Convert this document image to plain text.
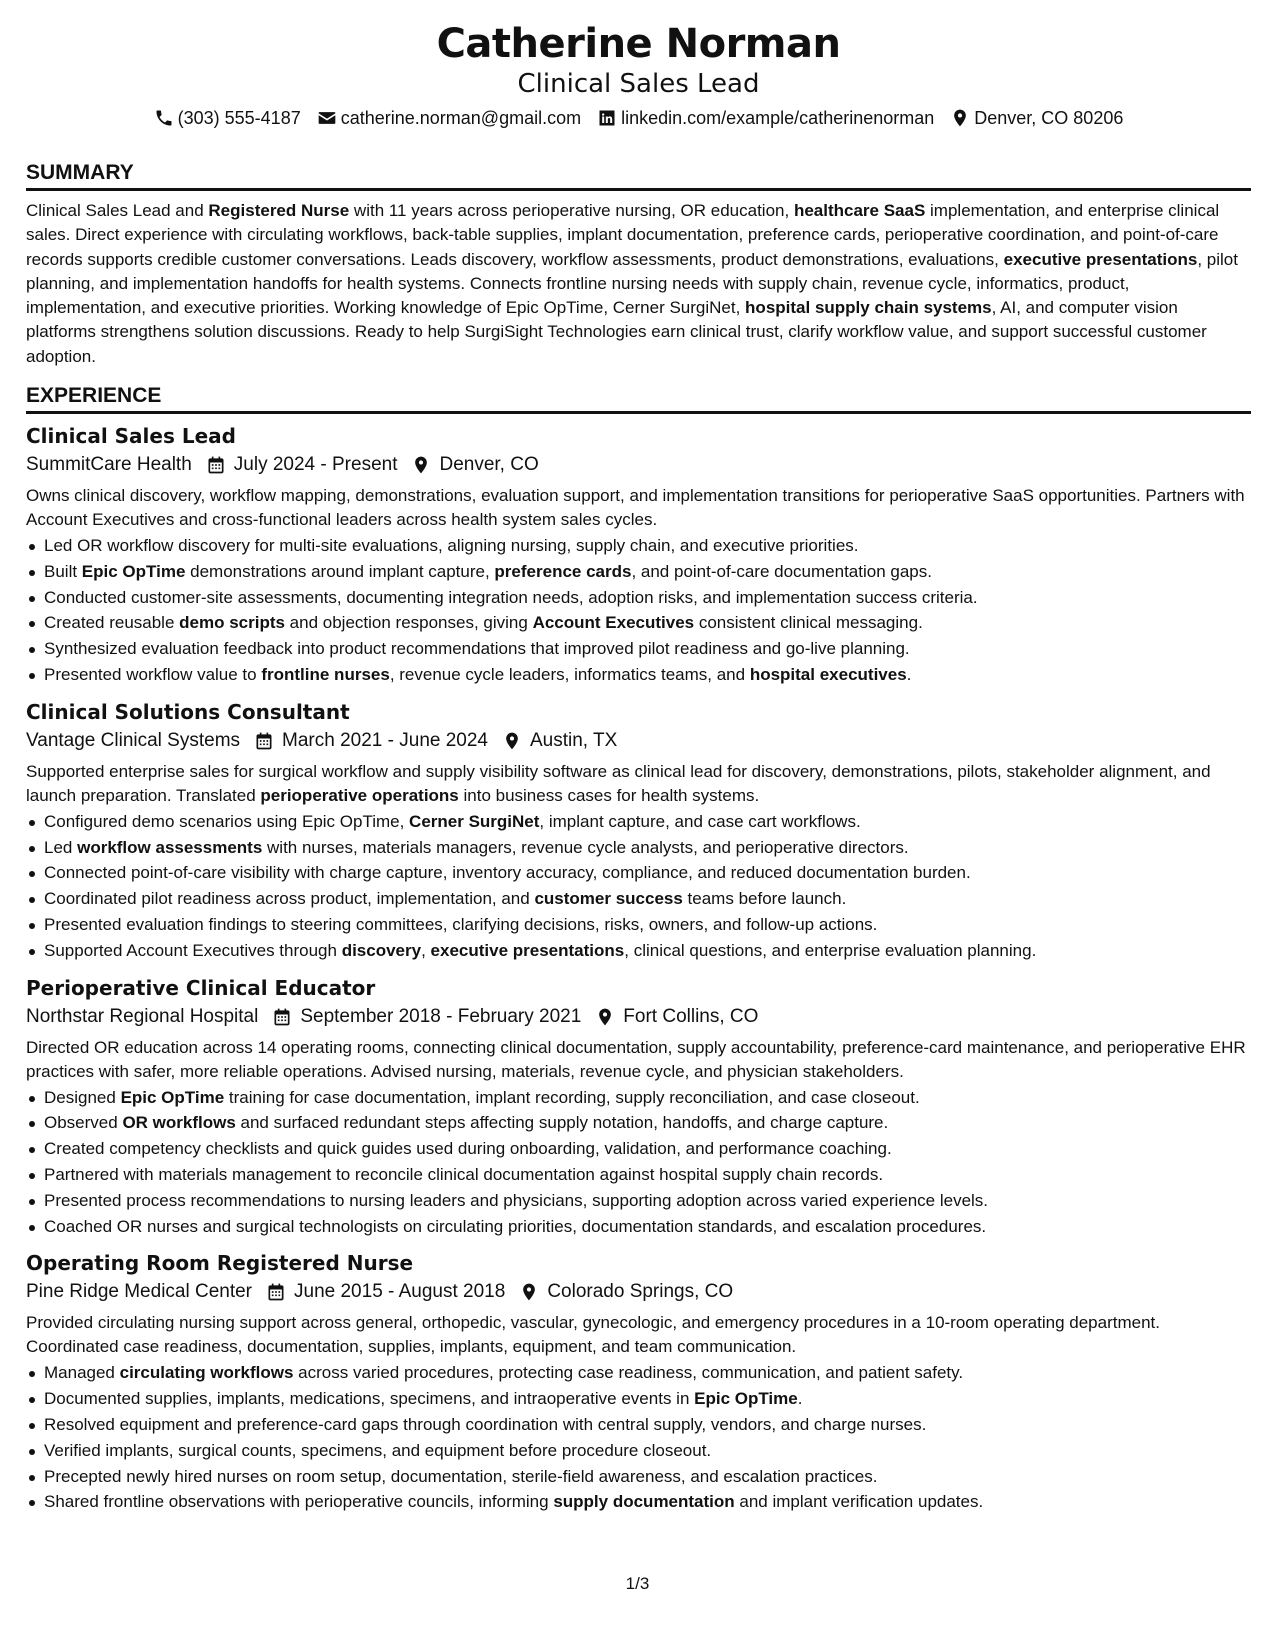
Catherine Norman
Clinical Sales Lead
(303) 555-4187 catherine.norman@gmail.com linkedin.com/example/catherinenorman Denver, CO 80206
SUMMARY

Clinical Sales Lead and Registered Nurse with 11 years across perioperative nursing, OR education, healthcare SaaS implementation, and enterprise clinical sales. Direct experience with circulating workflows, back-table supplies, implant documentation, preference cards, perioperative coordination, and point-of-care records supports credible customer conversations. Leads discovery, workflow assessments, product demonstrations, evaluations, executive presentations, pilot planning, and implementation handoffs for health systems. Connects frontline nursing needs with supply chain, revenue cycle, informatics, product, implementation, and executive priorities. Working knowledge of Epic OpTime, Cerner SurgiNet, hospital supply chain systems, AI, and computer vision platforms strengthens solution discussions. Ready to help SurgiSight Technologies earn clinical trust, clarify workflow value, and support successful customer adoption.

EXPERIENCE
Clinical Sales Lead
SummitCare Health July 2024 - Present Denver, CO

Owns clinical discovery, workflow mapping, demonstrations, evaluation support, and implementation transitions for perioperative SaaS opportunities. Partners with Account Executives and cross-functional leaders across health system sales cycles.

Led OR workflow discovery for multi-site evaluations, aligning nursing, supply chain, and executive priorities.
Built Epic OpTime demonstrations around implant capture, preference cards, and point-of-care documentation gaps.
Conducted customer-site assessments, documenting integration needs, adoption risks, and implementation success criteria.
Created reusable demo scripts and objection responses, giving Account Executives consistent clinical messaging.
Synthesized evaluation feedback into product recommendations that improved pilot readiness and go-live planning.
Presented workflow value to frontline nurses, revenue cycle leaders, informatics teams, and hospital executives.
Clinical Solutions Consultant
Vantage Clinical Systems March 2021 - June 2024 Austin, TX

Supported enterprise sales for surgical workflow and supply visibility software as clinical lead for discovery, demonstrations, pilots, stakeholder alignment, and launch preparation. Translated perioperative operations into business cases for health systems.

Configured demo scenarios using Epic OpTime, Cerner SurgiNet, implant capture, and case cart workflows.
Led workflow assessments with nurses, materials managers, revenue cycle analysts, and perioperative directors.
Connected point-of-care visibility with charge capture, inventory accuracy, compliance, and reduced documentation burden.
Coordinated pilot readiness across product, implementation, and customer success teams before launch.
Presented evaluation findings to steering committees, clarifying decisions, risks, owners, and follow-up actions.
Supported Account Executives through discovery, executive presentations, clinical questions, and enterprise evaluation planning.
Perioperative Clinical Educator
Northstar Regional Hospital September 2018 - February 2021 Fort Collins, CO

Directed OR education across 14 operating rooms, connecting clinical documentation, supply accountability, preference-card maintenance, and perioperative EHR practices with safer, more reliable operations. Advised nursing, materials, revenue cycle, and physician stakeholders.

Designed Epic OpTime training for case documentation, implant recording, supply reconciliation, and case closeout.
Observed OR workflows and surfaced redundant steps affecting supply notation, handoffs, and charge capture.
Created competency checklists and quick guides used during onboarding, validation, and performance coaching.
Partnered with materials management to reconcile clinical documentation against hospital supply chain records.
Presented process recommendations to nursing leaders and physicians, supporting adoption across varied experience levels.
Coached OR nurses and surgical technologists on circulating priorities, documentation standards, and escalation procedures.
Operating Room Registered Nurse
Pine Ridge Medical Center June 2015 - August 2018 Colorado Springs, CO

Provided circulating nursing support across general, orthopedic, vascular, gynecologic, and emergency procedures in a 10-room operating department. Coordinated case readiness, documentation, supplies, implants, equipment, and team communication.

Managed circulating workflows across varied procedures, protecting case readiness, communication, and patient safety.
Documented supplies, implants, medications, specimens, and intraoperative events in Epic OpTime.
Resolved equipment and preference-card gaps through coordination with central supply, vendors, and charge nurses.
Verified implants, surgical counts, specimens, and equipment before procedure closeout.
Precepted newly hired nurses on room setup, documentation, sterile-field awareness, and escalation practices.
Shared frontline observations with perioperative councils, informing supply documentation and implant verification updates.
1/3
